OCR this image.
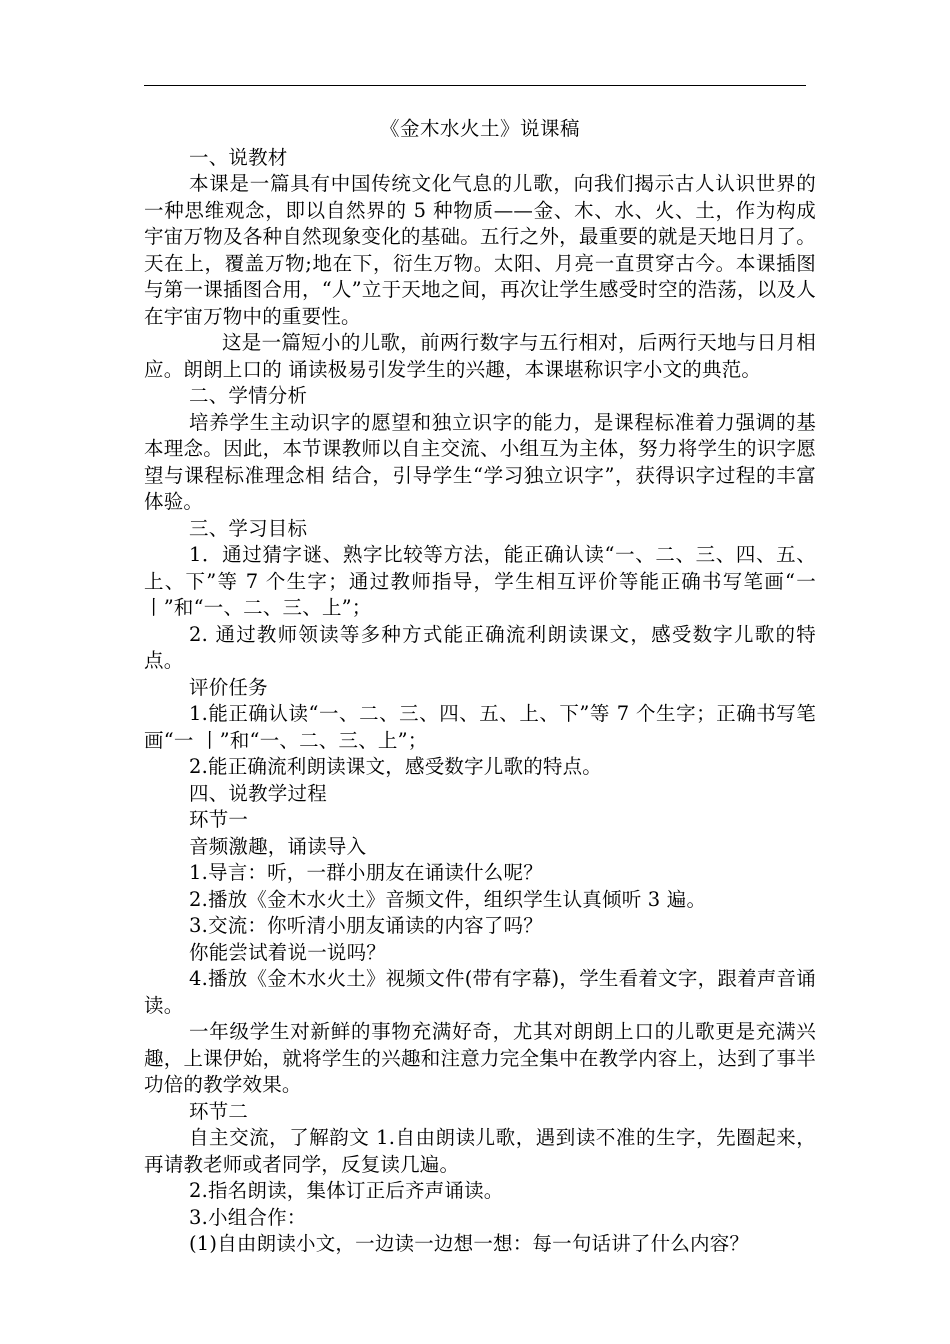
《金木水火土》说课稿

一、说教材

本课是一篇具有中国传统文化气息的儿歌，向我们揭示古人认识世界的一种思维观念，即以自然界的 5 种物质——金、木、水、火、土，作为构成宇宙万物及各种自然现象变化的基础。五行之外，最重要的就是天地日月了。天在上，覆盖万物;地在下，衍生万物。太阳、月亮一直贯穿古今。本课插图与第一课插图合用，“人”立于天地之间，再次让学生感受时空的浩荡，以及人在宇宙万物中的重要性。

这是一篇短小的儿歌，前两行数字与五行相对，后两行天地与日月相应。朗朗上口的 诵读极易引发学生的兴趣，本课堪称识字小文的典范。

二、学情分析

培养学生主动识字的愿望和独立识字的能力，是课程标准着力强调的基本理念。因此，本节课教师以自主交流、小组互为主体，努力将学生的识字愿望与课程标准理念相 结合，引导学生“学习独立识字”，获得识字过程的丰富体验。

三、学习目标

1．通过猜字谜、熟字比较等方法，能正确认读“一、二、三、四、五、上、下”等 7 个生字；通过教师指导，学生相互评价等能正确书写笔画“一 丨”和“一、二、三、上”；

2. 通过教师领读等多种方式能正确流利朗读课文，感受数字儿歌的特点。

评价任务

1.能正确认读“一、二、三、四、五、上、下”等 7 个生字；正确书写笔画“一 丨”和“一、二、三、上”；

2.能正确流利朗读课文，感受数字儿歌的特点。

四、说教学过程

环节一

音频激趣，诵读导入

1.导言：听，一群小朋友在诵读什么呢？

2.播放《金木水火土》音频文件，组织学生认真倾听 3 遍。

3.交流：你听清小朋友诵读的内容了吗？

你能尝试着说一说吗？

4.播放《金木水火土》视频文件(带有字幕)，学生看着文字，跟着声音诵读。

一年级学生对新鲜的事物充满好奇，尤其对朗朗上口的儿歌更是充满兴趣，上课伊始，就将学生的兴趣和注意力完全集中在教学内容上，达到了事半功倍的教学效果。

环节二

自主交流，了解韵文 1.自由朗读儿歌，遇到读不准的生字，先圈起来，再请教老师或者同学，反复读几遍。

2.指名朗读，集体订正后齐声诵读。

3.小组合作：

(1)自由朗读小文，一边读一边想一想：每一句话讲了什么内容？
